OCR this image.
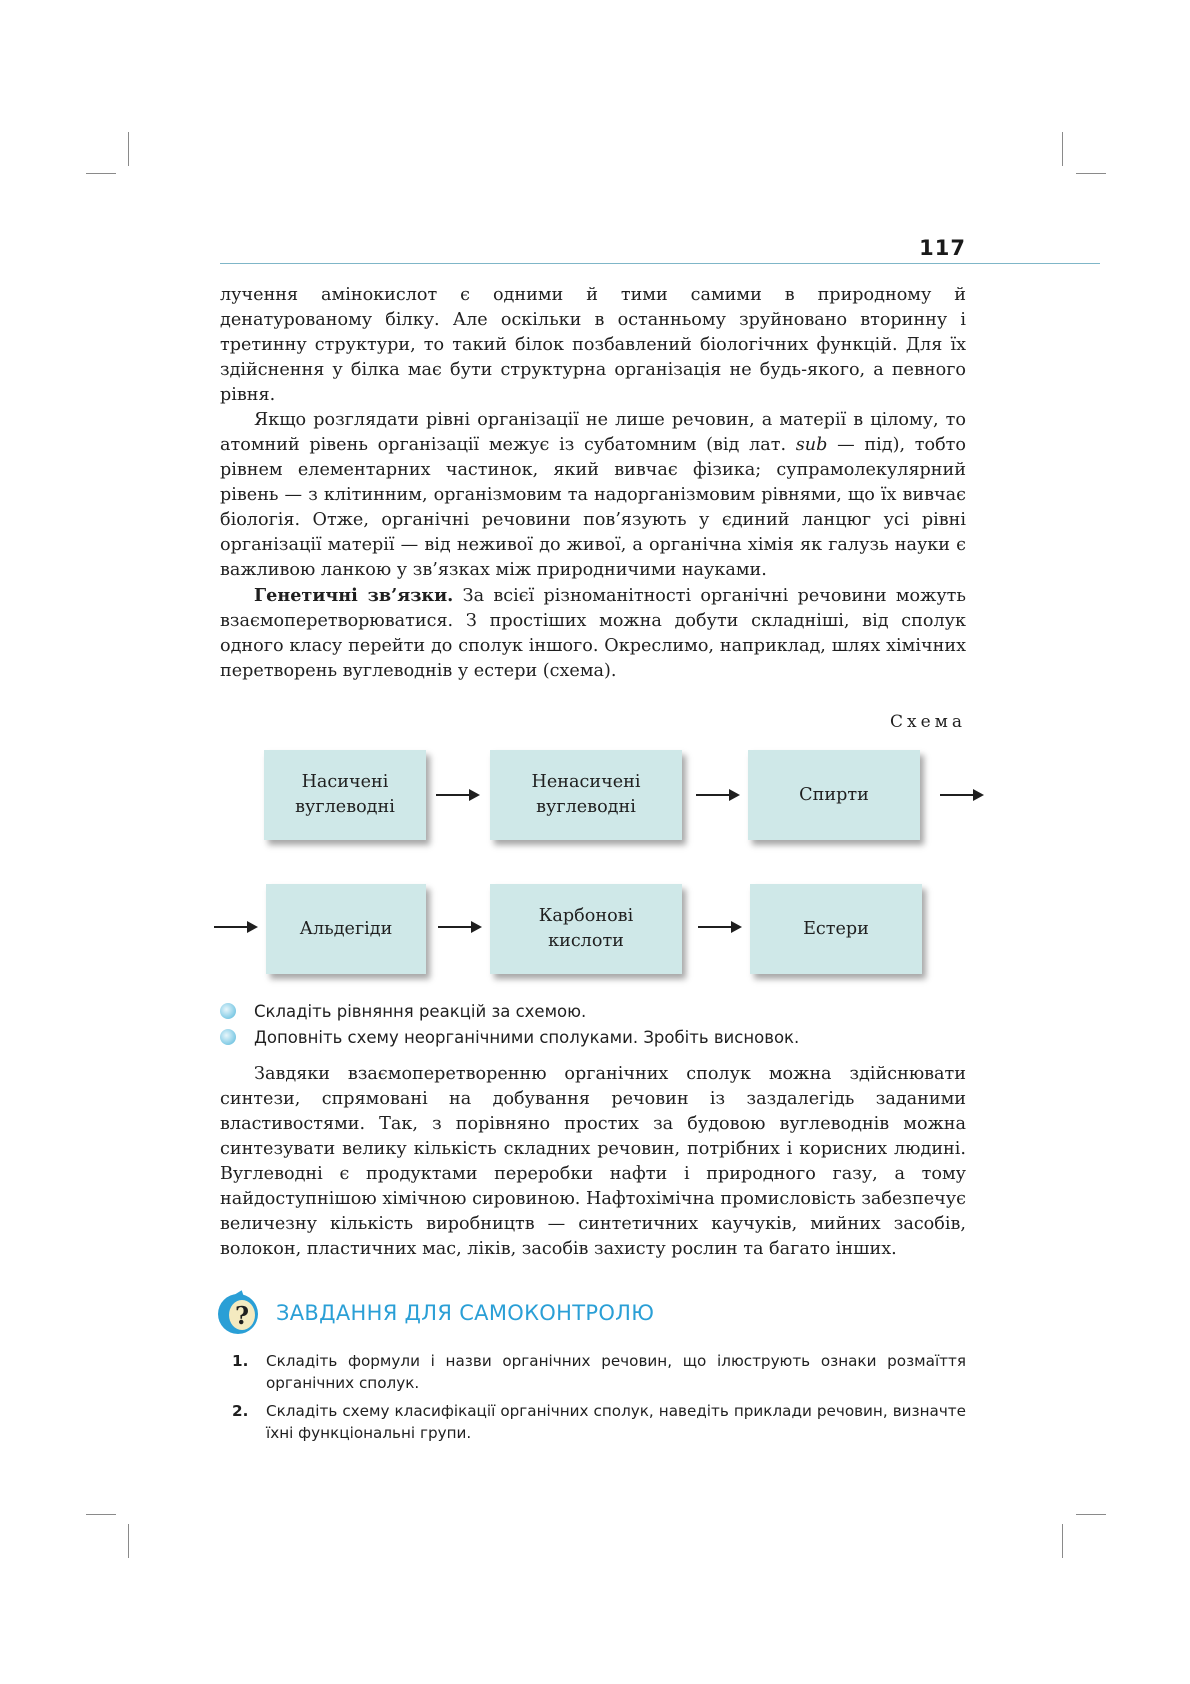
117

лучення амінокислот є одними й тими самими в природному й денатурованому білку. Але оскільки в останньому зруйновано вторинну і третинну структури, то такий білок позбавлений біологічних функцій. Для їх здійснення у білка має бути структурна організація не будь-якого, а певного рівня.

Якщо розглядати рівні організації не лише речовин, а матерії в цілому, то атомний рівень організації межує із субатомним (від лат. sub — під), тобто рівнем елементарних частинок, який вивчає фізика; супрамолекулярний рівень — з клітинним, організмовим та надорганізмовим рівнями, що їх вивчає біологія. Отже, органічні речовини пов’язують у єдиний ланцюг усі рівні організації матерії — від неживої до живої, а органічна хімія як галузь науки є важливою ланкою у зв’язках між природничими науками.

Генетичні зв’язки. За всієї різноманітності органічні речовини можуть взаємоперетворюватися. З простіших можна добути складніші, від сполук одного класу перейти до сполук іншого. Окреслимо, наприклад, шлях хімічних перетворень вуглеводнів у естери (схема).

Схема
Насичені
вуглеводні
Ненасичені
вуглеводні
Спирти
Альдегіди
Карбонові
кислоти
Естери
Складіть рівняння реакцій за схемою.
Доповніть схему неорганічними сполуками. Зробіть висновок.

Завдяки взаємоперетворенню органічних сполук можна здійснювати синтези, спрямовані на добування речовин із заздалегідь заданими властивостями. Так, з порівняно простих за будовою вуглеводнів можна синтезувати велику кількість складних речовин, потрібних і корисних людині. Вуглеводні є продуктами переробки нафти і природного газу, а тому найдоступнішою хімічною сировиною. Нафтохімічна промисловість забезпечує величезну кількість виробництв — синтетичних каучуків, мийних засобів, волокон, пластичних мас, ліків, засобів захисту рослин та багато інших.

? ЗАВДАННЯ ДЛЯ САМОКОНТРОЛЮ
1.	Складіть формули і назви органічних речовин, що ілюструють ознаки розмаїття органічних сполук.
2.	Складіть схему класифікації органічних сполук, наведіть приклади речовин, визначте їхні функціональні групи.
